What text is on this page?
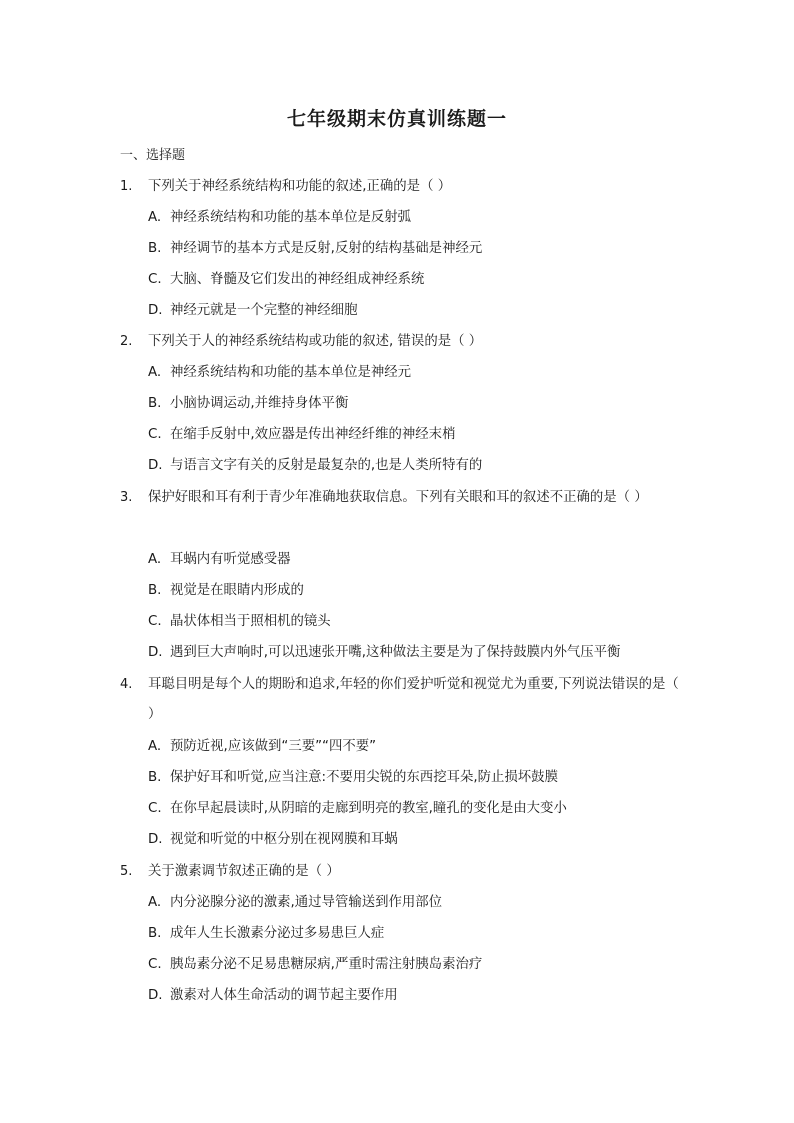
七年级期末仿真训练题一
一、选择题
1. 下列关于神经系统结构和功能的叙述,正确的是（ ）
A. 神经系统结构和功能的基本单位是反射弧
B. 神经调节的基本方式是反射,反射的结构基础是神经元
C. 大脑、脊髓及它们发出的神经组成神经系统
D. 神经元就是一个完整的神经细胞
2. 下列关于人的神经系统结构或功能的叙述, 错误的是（ ）
A. 神经系统结构和功能的基本单位是神经元
B. 小脑协调运动,并维持身体平衡
C. 在缩手反射中,效应器是传出神经纤维的神经末梢
D. 与语言文字有关的反射是最复杂的,也是人类所特有的
3. 保护好眼和耳有利于青少年准确地获取信息。下列有关眼和耳的叙述不正确的是（ ）
A. 耳蜗内有听觉感受器
B. 视觉是在眼睛内形成的
C. 晶状体相当于照相机的镜头
D. 遇到巨大声响时,可以迅速张开嘴,这种做法主要是为了保持鼓膜内外气压平衡
4. 耳聪目明是每个人的期盼和追求,年轻的你们爱护听觉和视觉尤为重要,下列说法错误的是（ ）
A. 预防近视,应该做到“三要”“四不要”
B. 保护好耳和听觉,应当注意:不要用尖锐的东西挖耳朵,防止损坏鼓膜
C. 在你早起晨读时,从阴暗的走廊到明亮的教室,瞳孔的变化是由大变小
D. 视觉和听觉的中枢分别在视网膜和耳蜗
5. 关于激素调节叙述正确的是（ ）
A. 内分泌腺分泌的激素,通过导管输送到作用部位
B. 成年人生长激素分泌过多易患巨人症
C. 胰岛素分泌不足易患糖尿病,严重时需注射胰岛素治疗
D. 激素对人体生命活动的调节起主要作用
